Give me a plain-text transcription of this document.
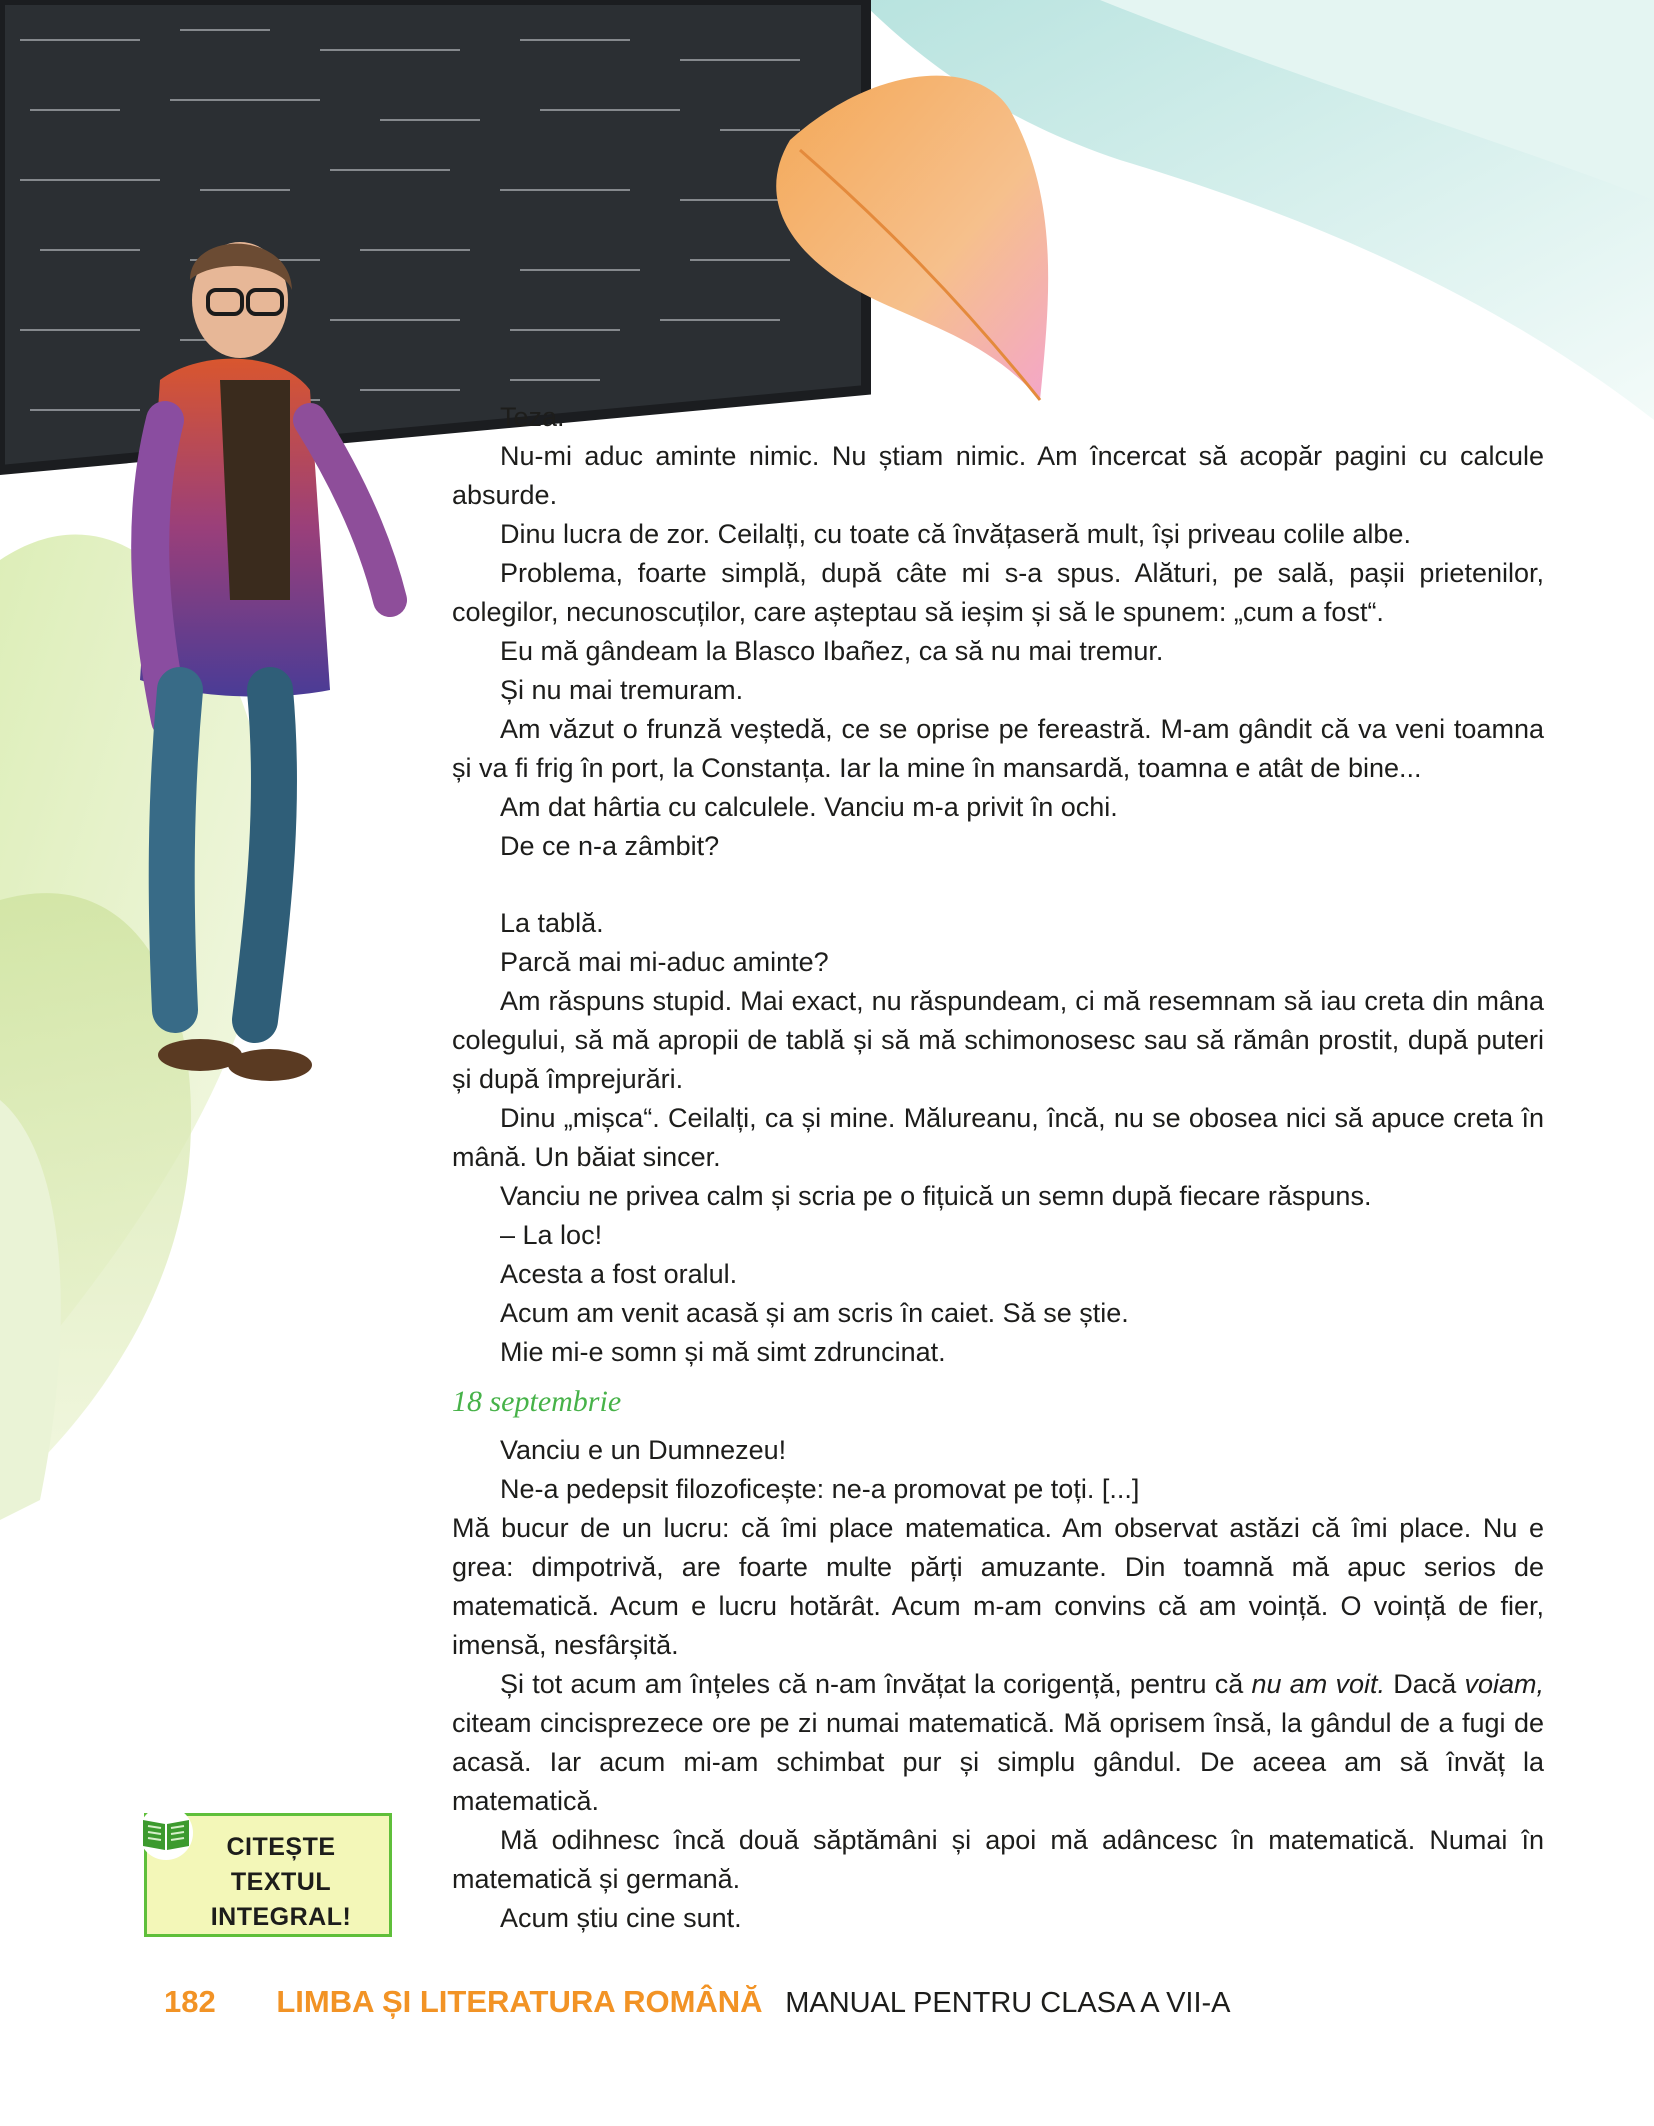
Teza.

Nu-mi aduc aminte nimic. Nu știam nimic. Am încercat să acopăr pagini cu calcule absurde.

Dinu lucra de zor. Ceilalți, cu toate că învățaseră mult, își priveau colile albe.

Problema, foarte simplă, după câte mi s-a spus. Alături, pe sală, pașii prietenilor, colegilor, necunoscuților, care așteptau să ieșim și să le spunem: „cum a fost“.

Eu mă gândeam la Blasco Ibañez, ca să nu mai tremur.

Și nu mai tremuram.

Am văzut o frunză veștedă, ce se oprise pe fereastră. M-am gândit că va veni toamna și va fi frig în port, la Constanța. Iar la mine în mansardă, toamna e atât de bine...

Am dat hârtia cu calculele. Vanciu m-a privit în ochi.

De ce n-a zâmbit?

La tablă.

Parcă mai mi-aduc aminte?

Am răspuns stupid. Mai exact, nu răspundeam, ci mă resemnam să iau creta din mâna colegului, să mă apropii de tablă și să mă schimonosesc sau să rămân prostit, după puteri și după împrejurări.

Dinu „mișca“. Ceilalți, ca și mine. Mălureanu, încă, nu se obosea nici să apuce creta în mână. Un băiat sincer.

Vanciu ne privea calm și scria pe o fițuică un semn după fiecare răspuns.

– La loc!

Acesta a fost oralul.

Acum am venit acasă și am scris în caiet. Să se știe.

Mie mi-e somn și mă simt zdruncinat.

18 septembrie

Vanciu e un Dumnezeu!

Ne-a pedepsit filozoficește: ne-a promovat pe toți. [...]

Mă bucur de un lucru: că îmi place matematica. Am observat astăzi că îmi place. Nu e grea: dimpotrivă, are foarte multe părți amuzante. Din toamnă mă apuc serios de matematică. Acum e lucru hotărât. Acum m-am convins că am voință. O voință de fier, imensă, nesfârșită.

Și tot acum am înțeles că n-am învățat la corigență, pentru că nu am voit. Dacă voiam, citeam cincisprezece ore pe zi numai matematică. Mă oprisem însă, la gândul de a fugi de acasă. Iar acum mi-am schimbat pur și simplu gândul. De aceea am să învăț la matematică.

Mă odihnesc încă două săptămâni și apoi mă adâncesc în matematică. Numai în matematică și germană.

Acum știu cine sunt.

CITEȘTE
TEXTUL
INTEGRAL!
182 LIMBA ȘI LITERATURA ROMÂNĂ MANUAL PENTRU CLASA A VII-A
